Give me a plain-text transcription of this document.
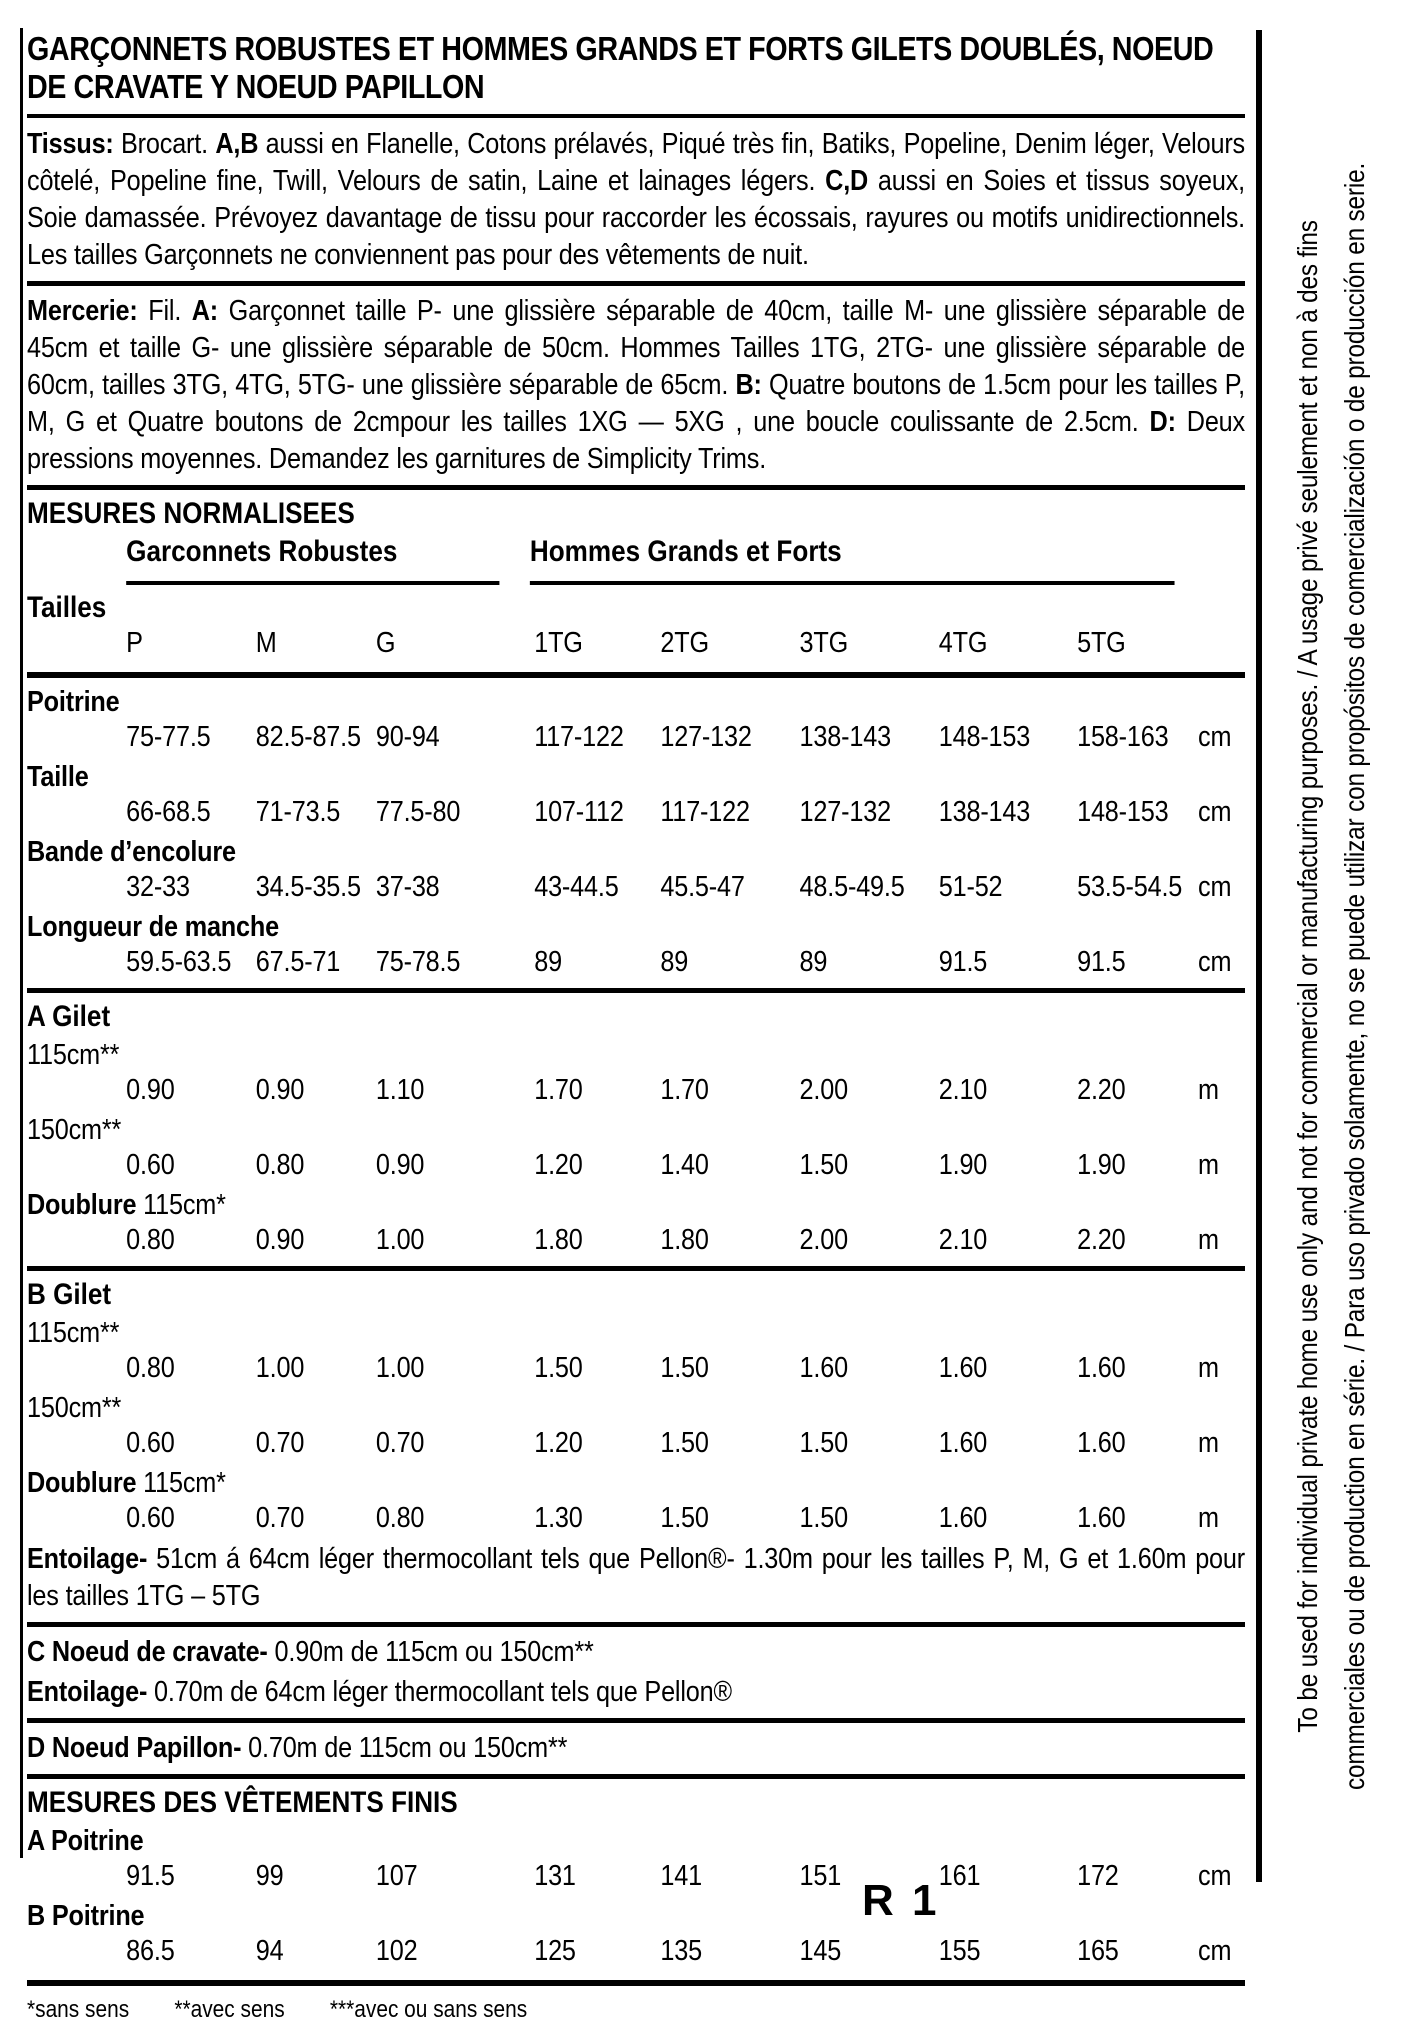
GARÇONNETS ROBUSTES ET HOMMES GRANDS ET FORTS GILETS DOUBLÉS, NOEUD DE CRAVATE Y NOEUD PAPILLON

Tissus: Brocart. A,B aussi en Flanelle, Cotons prélavés, Piqué très fin, Batiks, Popeline, Denim léger, Velours côtelé, Popeline fine, Twill, Velours de satin, Laine et lainages légers. C,D aussi en Soies et tissus soyeux, Soie damassée. Prévoyez davantage de tissu pour raccorder les écossais, rayures ou motifs unidirectionnels. Les tailles Garçonnets ne conviennent pas pour des vêtements de nuit.

Mercerie: Fil. A: Garçonnet taille P- une glissière séparable de 40cm, taille M- une glissière séparable de 45cm et taille G- une glissière séparable de 50cm. Hommes Tailles 1TG, 2TG- une glissière séparable de 60cm, tailles 3TG, 4TG, 5TG- une glissière séparable de 65cm. B: Quatre boutons de 1.5cm pour les tailles P, M, G et Quatre boutons de 2cmpour les tailles 1XG — 5XG , une boucle coulissante de 2.5cm. D: Deux pressions moyennes. Demandez les garnitures de Simplicity Trims.

MESURES NORMALISEES
Garconnets Robustes	Hommes Grands et Forts
Tailles
P	M	G	1TG	2TG	3TG	4TG	5TG
Poitrine
75-77.5	82.5-87.5 90-94	117-122	127-132	138-143	148-153	158-163	cm
Taille
66-68.5	71-73.5	77.5-80	107-112	117-122	127-132	138-143	148-153	cm
Bande d’encolure
32-33	34.5-35.5 37-38	43-44.5	45.5-47	48.5-49.5	51-52	53.5-54.5 cm
Longueur de manche
59.5-63.5 67.5-71	75-78.5	89	89	89	91.5	91.5	cm
A Gilet
115cm**
0.90	0.90	1.10	1.70	1.70	2.00	2.10	2.20	m
150cm**
0.60	0.80	0.90	1.20	1.40	1.50	1.90	1.90	m
Doublure 115cm*
0.80	0.90	1.00	1.80	1.80	2.00	2.10	2.20	m
B Gilet
115cm**
0.80	1.00	1.00	1.50	1.50	1.60	1.60	1.60	m
150cm**
0.60	0.70	0.70	1.20	1.50	1.50	1.60	1.60	m
Doublure 115cm*
0.60	0.70	0.80	1.30	1.50	1.50	1.60	1.60	m

Entoilage- 51cm á 64cm léger thermocollant tels que Pellon®- 1.30m pour les tailles P, M, G et 1.60m pour les tailles 1TG – 5TG

C Noeud de cravate- 0.90m de 115cm ou 150cm**
Entoilage- 0.70m de 64cm léger thermocollant tels que Pellon®
D Noeud Papillon- 0.70m de 115cm ou 150cm**
MESURES DES VÊTEMENTS FINIS
A Poitrine
91.5	99	107	131	141	151	161	172	cm
B Poitrine
86.5	94	102	125	135	145	155	165	cm
*sans sens **avec sens ***avec ou sans sens
R 1
To be used for individual private home use only and not for commercial or manufacturing purposes. / A usage privé seulement et non à des fins commerciales ou de production en série. / Para uso privado solamente, no se puede utilizar con propósitos de comercialización o de producción en serie.
